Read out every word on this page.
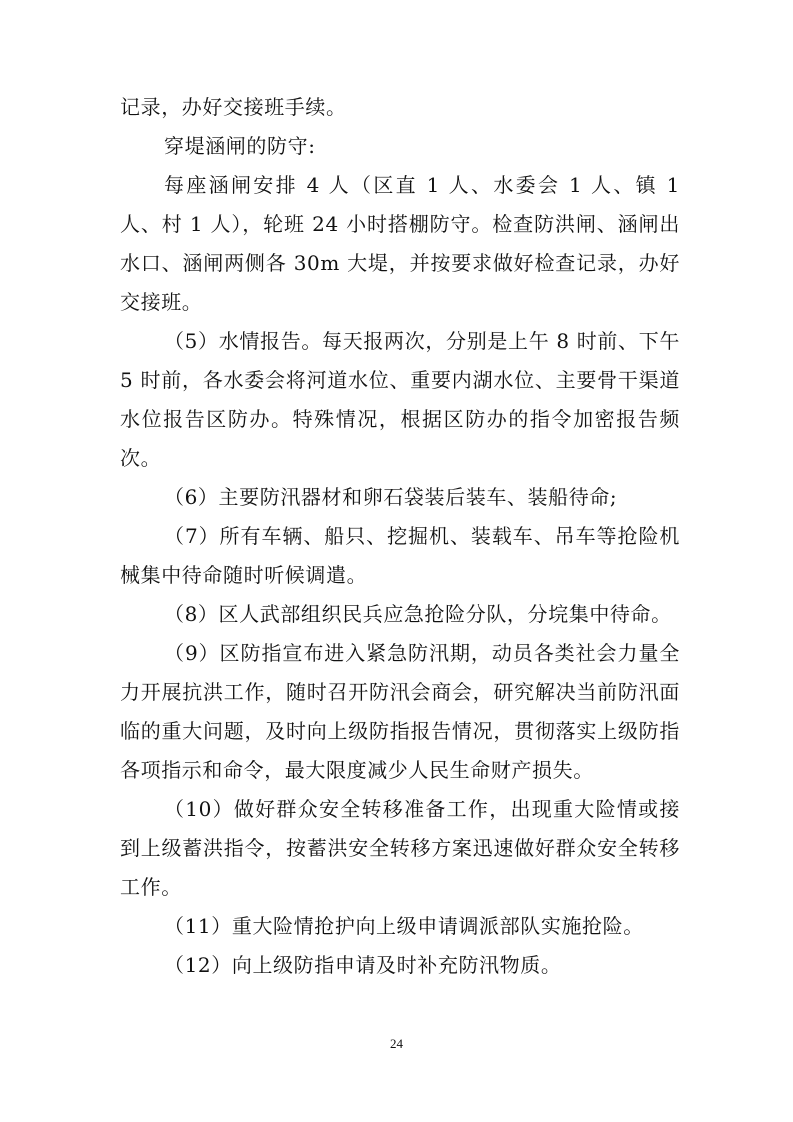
记录，办好交接班手续。

穿堤涵闸的防守:

每座涵闸安排 4 人（区直 1 人、水委会 1 人、镇 1 人、村 1 人），轮班 24 小时搭棚防守。检查防洪闸、涵闸出水口、涵闸两侧各 30m 大堤，并按要求做好检查记录，办好交接班。

（5）水情报告。每天报两次，分别是上午 8 时前、下午 5 时前，各水委会将河道水位、重要内湖水位、主要骨干渠道水位报告区防办。特殊情况，根据区防办的指令加密报告频次。

（6）主要防汛器材和卵石袋装后装车、装船待命;

（7）所有车辆、船只、挖掘机、装载车、吊车等抢险机械集中待命随时听候调遣。

（8）区人武部组织民兵应急抢险分队，分垸集中待命。

（9）区防指宣布进入紧急防汛期，动员各类社会力量全力开展抗洪工作，随时召开防汛会商会，研究解决当前防汛面临的重大问题，及时向上级防指报告情况，贯彻落实上级防指各项指示和命令，最大限度减少人民生命财产损失。

（10）做好群众安全转移准备工作，出现重大险情或接到上级蓄洪指令，按蓄洪安全转移方案迅速做好群众安全转移工作。

（11）重大险情抢护向上级申请调派部队实施抢险。

（12）向上级防指申请及时补充防汛物质。

24
